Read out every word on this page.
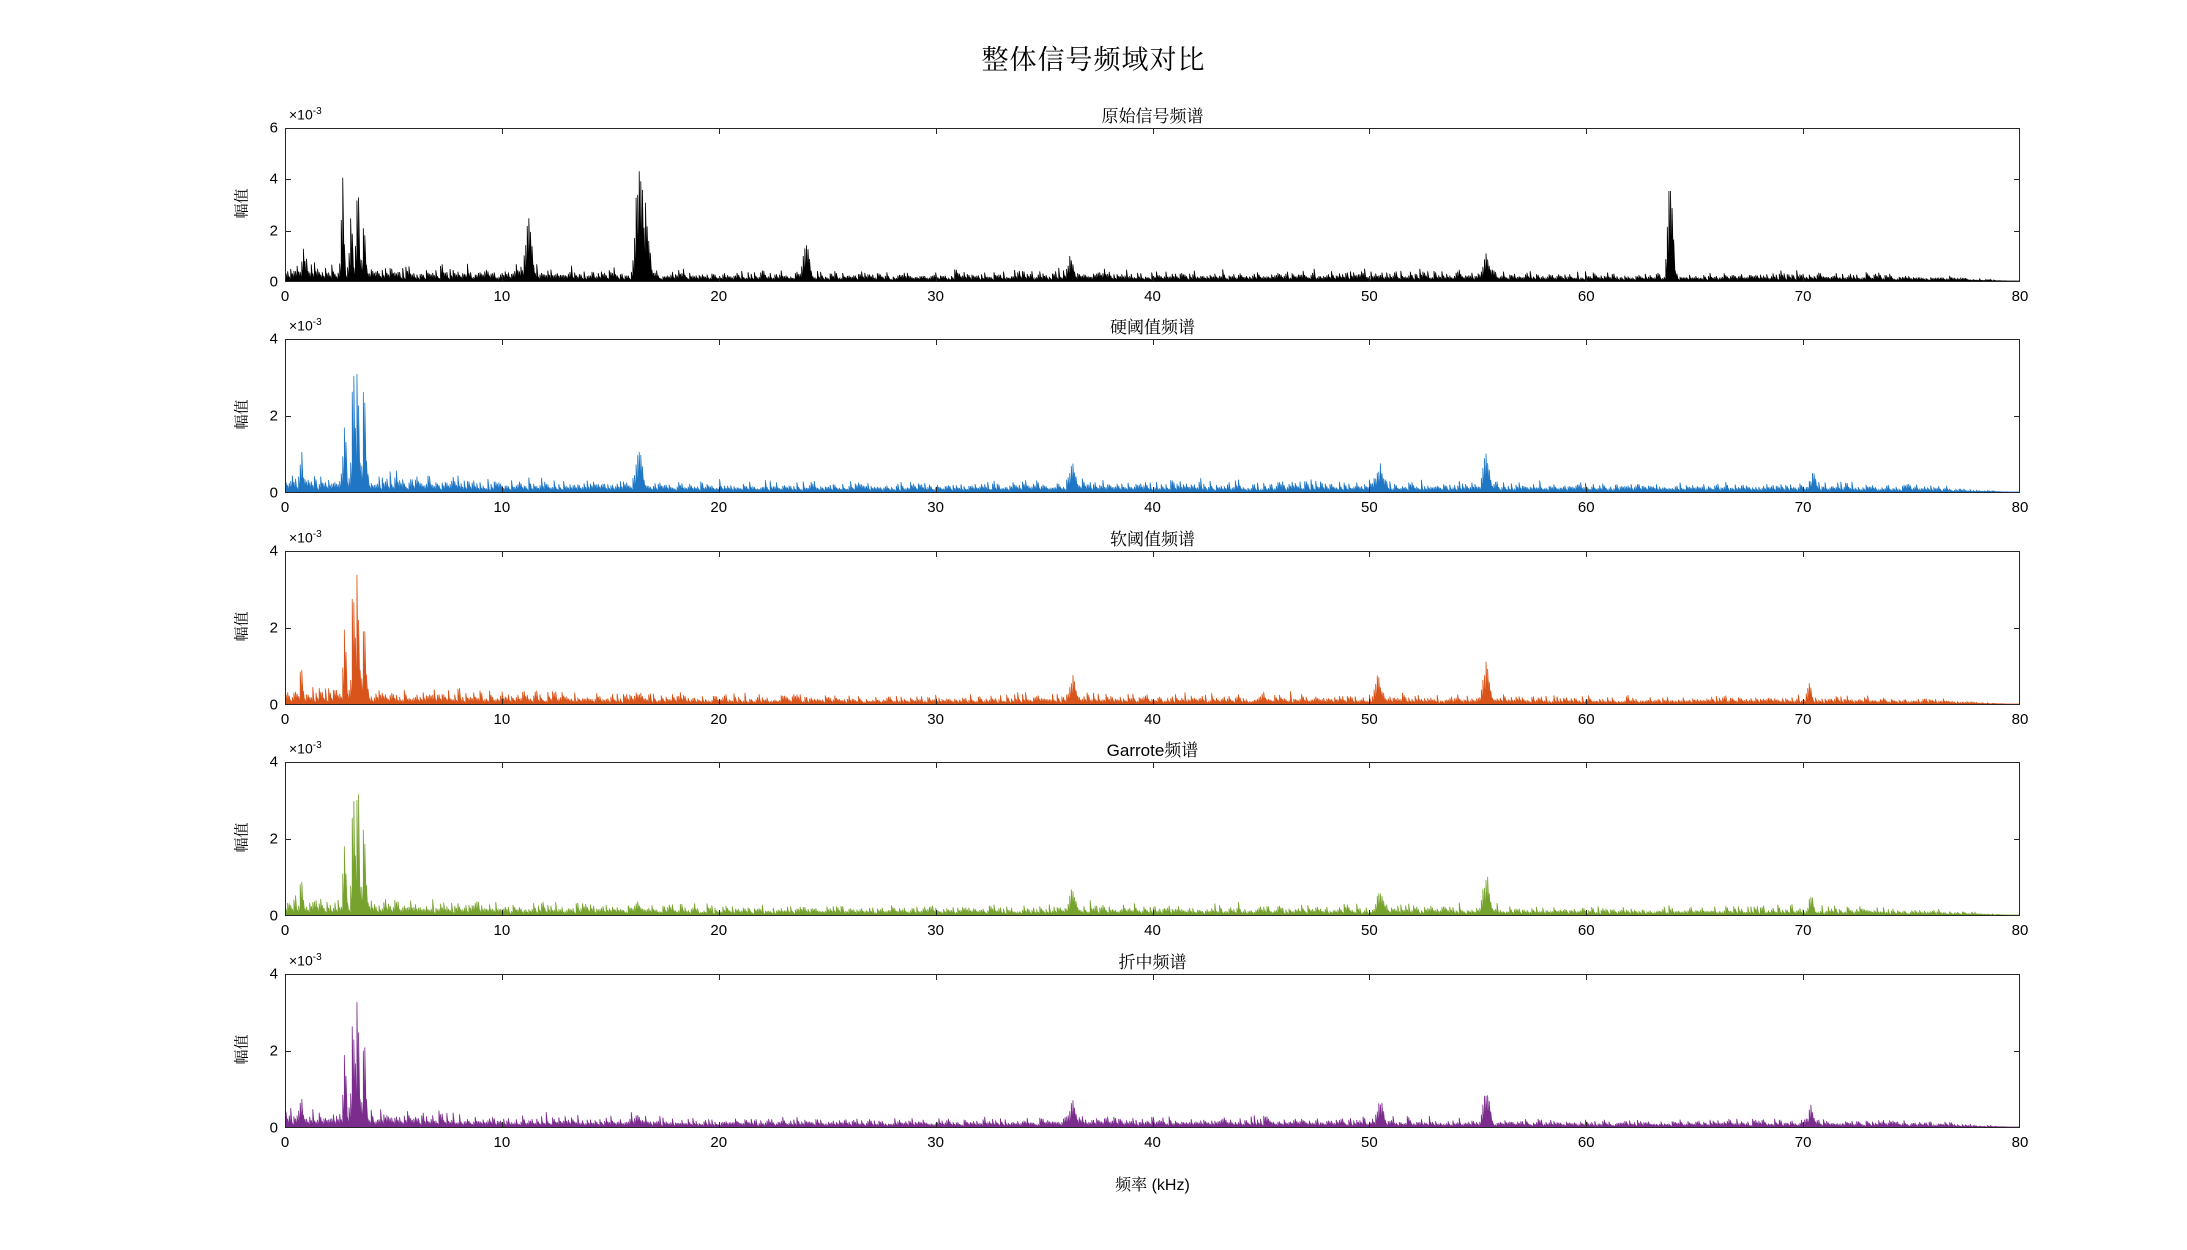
整体信号频域对比
原始信号频谱
0
2
4
6
0	10	20	30	40	50	60	70	80
$\times 10^{-3}$
幅值
硬阈值频谱
0
2
4
0	10	20	30	40	50	60	70	80
$\times 10^{-3}$
幅值
软阈值频谱
0
2
4
0	10	20	30	40	50	60	70	80
$\times 10^{-3}$
幅值
Garrote频谱
0
2
4
0	10	20	30	40	50	60	70	80
$\times 10^{-3}$
幅值
折中频谱
0
2
4
0	10	20	30	40	50	60	70	80
$\times 10^{-3}$
幅值
频率 (kHz)
